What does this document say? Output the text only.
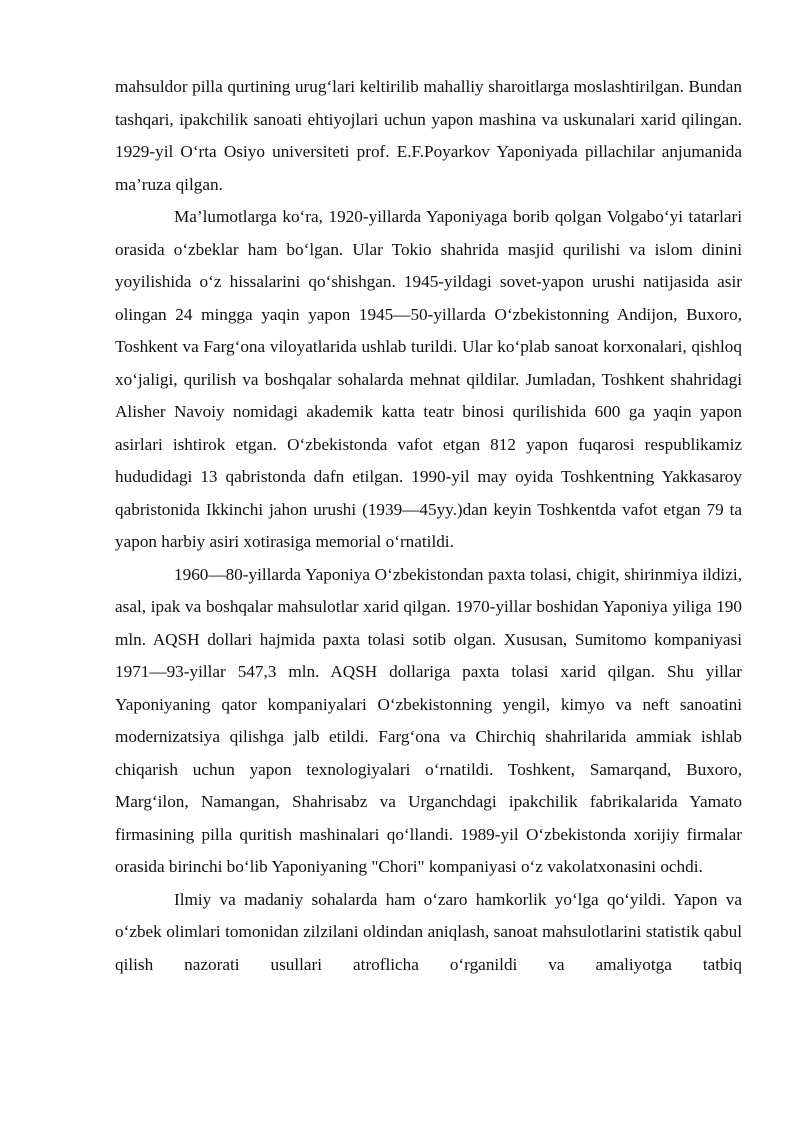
mahsuldor pilla qurtining urug‘lari keltirilib mahalliy sharoitlarga moslashtirilgan. Bundan tashqari, ipakchilik sanoati ehtiyojlari uchun yapon mashina va uskunalari xarid qilingan. 1929-yil O‘rta Osiyo universiteti prof. E.F.Poyarkov Yaponiyada pillachilar anjumanida ma’ruza qilgan.

Ma’lumotlarga ko‘ra, 1920-yillarda Yaponiyaga borib qolgan Volgabo‘yi tatarlari orasida o‘zbeklar ham bo‘lgan. Ular Tokio shahrida masjid qurilishi va islom dinini yoyilishida o‘z hissalarini qo‘shishgan. 1945-yildagi sovet-yapon urushi natijasida asir olingan 24 mingga yaqin yapon 1945—50-yillarda O‘zbekistonning Andijon, Buxoro, Toshkent va Farg‘ona viloyatlarida ushlab turildi. Ular ko‘plab sanoat korxonalari, qishloq xo‘jaligi, qurilish va boshqalar sohalarda mehnat qildilar. Jumladan, Toshkent shahridagi Alisher Navoiy nomidagi akademik katta teatr binosi qurilishida 600 ga yaqin yapon asirlari ishtirok etgan. O‘zbekistonda vafot etgan 812 yapon fuqarosi respublikamiz hududidagi 13 qabristonda dafn etilgan. 1990-yil may oyida Toshkentning Yakkasaroy qabristonida Ikkinchi jahon urushi (1939—45yy.)dan keyin Toshkentda vafot etgan 79 ta yapon harbiy asiri xotirasiga memorial o‘rnatildi.

1960—80-yillarda Yaponiya O‘zbekistondan paxta tolasi, chigit, shirinmiya ildizi, asal, ipak va boshqalar mahsulotlar xarid qilgan. 1970-yillar boshidan Yaponiya yiliga 190 mln. AQSH dollari hajmida paxta tolasi sotib olgan. Xususan, Sumitomo kompaniyasi 1971—93-yillar 547,3 mln. AQSH dollariga paxta tolasi xarid qilgan. Shu yillar Yaponiyaning qator kompaniyalari O‘zbekistonning yengil, kimyo va neft sanoatini modernizatsiya qilishga jalb etildi. Farg‘ona va Chirchiq shahrilarida ammiak ishlab chiqarish uchun yapon texnologiyalari o‘rnatildi. Toshkent, Samarqand, Buxoro, Marg‘ilon, Namangan, Shahrisabz va Urganchdagi ipakchilik fabrikalarida Yamato firmasining pilla quritish mashinalari qo‘llandi. 1989-yil O‘zbekistonda xorijiy firmalar orasida birinchi bo‘lib Yaponiyaning "Chori" kompaniyasi o‘z vakolatxonasini ochdi.

Ilmiy va madaniy sohalarda ham o‘zaro hamkorlik yo‘lga qo‘yildi. Yapon va o‘zbek olimlari tomonidan zilzilani oldindan aniqlash, sanoat mahsulotlarini statistik qabul qilish nazorati usullari atroflicha o‘rganildi va amaliyotga tatbiq
